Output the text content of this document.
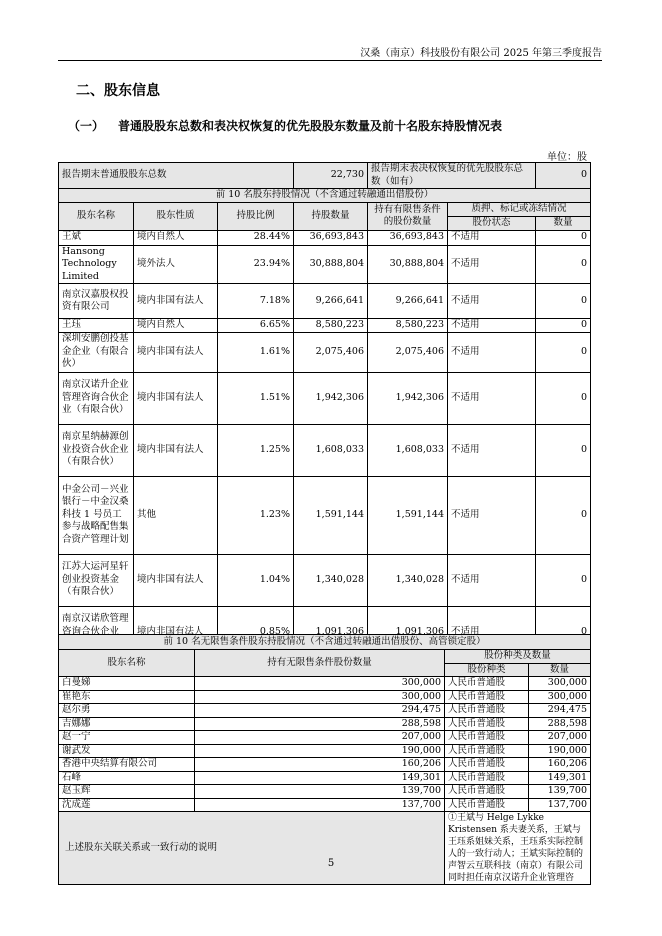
汉桑（南京）科技股份有限公司 2025 年第三季度报告
二、股东信息
（一） 普通股股东总数和表决权恢复的优先股股东数量及前十名股东持股情况表
单位：股
报告期末普通股股东总数			22,730	报告期末表决权恢复的优先股股东总数（如有）		0
前 10 名股东持股情况（不含通过转融通出借股份）						
股东名称	股东性质	持股比例	持股数量	持有有限售条件的股份数量	质押、标记或冻结情况	
					股份状态	数量
王斌	境内自然人	28.44%	36,693,843	36,693,843	不适用	0
Hansong Technology Limited	境外法人	23.94%	30,888,804	30,888,804	不适用	0
南京汉嘉股权投资有限公司	境内非国有法人	7.18%	9,266,641	9,266,641	不适用	0
王珏	境内自然人	6.65%	8,580,223	8,580,223	不适用	0
深圳安鹏创投基金企业（有限合伙）	境内非国有法人	1.61%	2,075,406	2,075,406	不适用	0
南京汉诺升企业管理咨询合伙企业（有限合伙）	境内非国有法人	1.51%	1,942,306	1,942,306	不适用	0
南京星纳赫源创业投资合伙企业（有限合伙）	境内非国有法人	1.25%	1,608,033	1,608,033	不适用	0
中金公司－兴业银行－中金汉桑科技 1 号员工参与战略配售集合资产管理计划	其他	1.23%	1,591,144	1,591,144	不适用	0
江苏大运河星轩创业投资基金（有限合伙）	境内非国有法人	1.04%	1,340,028	1,340,028	不适用	0
南京汉诺欣管理咨询合伙企业（有限合伙）	境内非国有法人	0.85%	1,091,306	1,091,306	不适用	0
前 10 名无限售条件股东持股情况（不含通过转融通出借股份、高管锁定股）			
股东名称	持有无限售条件股份数量	股份种类及数量	
		股份种类	数量
白曼娣	300,000	人民币普通股	300,000
崔艳东	300,000	人民币普通股	300,000
赵尔勇	294,475	人民币普通股	294,475
吉娜娜	288,598	人民币普通股	288,598
赵一宁	207,000	人民币普通股	207,000
谢武发	190,000	人民币普通股	190,000
香港中央结算有限公司	160,206	人民币普通股	160,206
石峰	149,301	人民币普通股	149,301
赵玉辉	139,700	人民币普通股	139,700
沈成莲	137,700	人民币普通股	137,700
上述股东关联关系或一致行动的说明		①王斌与 Helge Lykke Kristensen 系夫妻关系，王斌与王珏系姐妹关系，王珏系实际控制人的一致行动人；王斌实际控制的声智云互联科技（南京）有限公司同时担任南京汉诺升企业管理咨	
5
